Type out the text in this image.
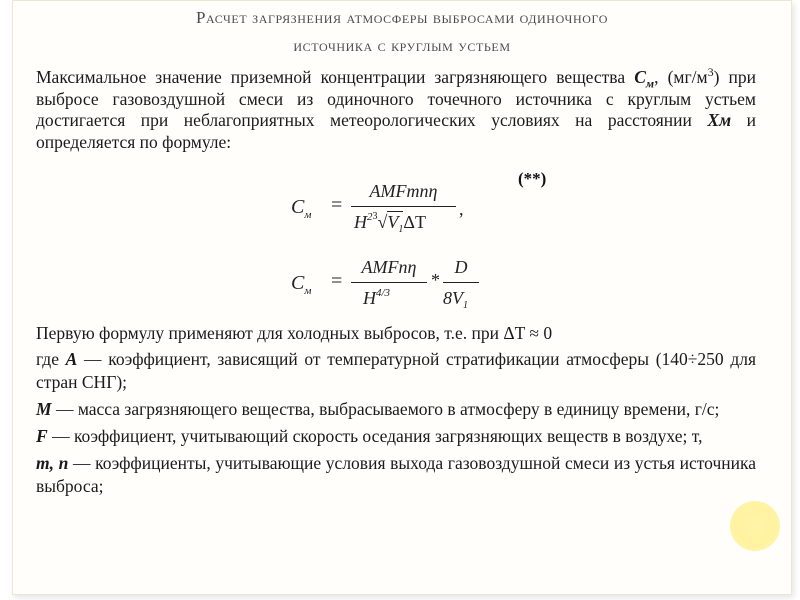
Расчет загрязнения атмосферы выбросами одиночного
источника с круглым устьем

Максимальное значение приземной концентрации загрязняющего вещества $C_м$, $(мг/м^3)$ при выбросе газовоздушной смеси из одиночного точечного источника с круглым устьем достигается при неблагоприятных метеорологических условиях на расстоянии Хм и определяется по формуле:

(**)
$C_м$ =
AMFmnη
$H^{23}√V_1\Delta T$
,
$C_м$ =
AMFnη
$H^{4/3}$
*
D
$8V_1$

Первую формулу применяют для холодных выбросов, т.е. при ΔT ≈ 0

где A — коэффициент, зависящий от температурной стратификации атмосферы (140÷250 для стран СНГ);

M — масса загрязняющего вещества, выбрасываемого в атмосферу в единицу времени, г/с;

F — коэффициент, учитывающий скорость оседания загрязняющих веществ в воздухе; т,

m, n — коэффициенты, учитывающие условия выхода газовоздушной смеси из устья источника выброса;
